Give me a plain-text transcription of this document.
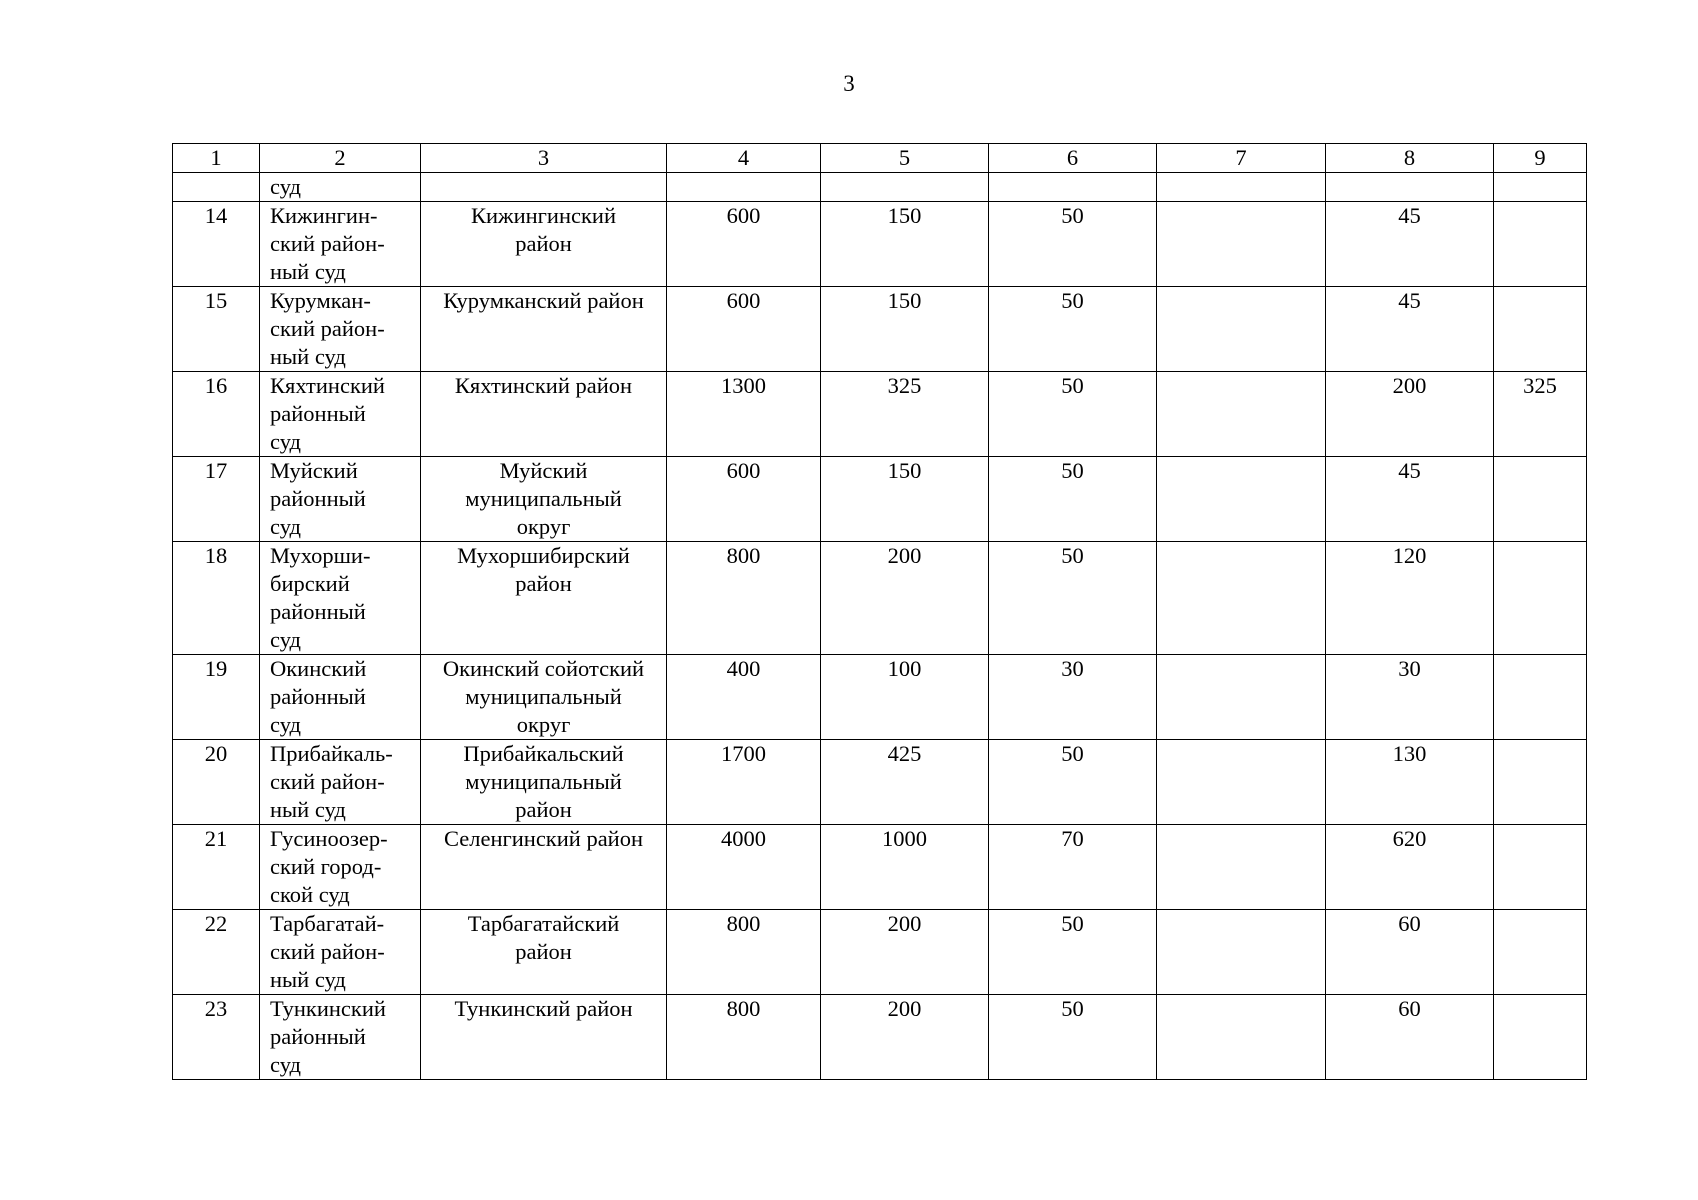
3
1	2	3	4	5	6	7	8	9
	суд							
14	Кижингин-
ский район-
ный суд	Кижингинский
район	600	150	50		45	
15	Курумкан-
ский район-
ный суд	Курумканский район	600	150	50		45	
16	Кяхтинский
районный
суд	Кяхтинский район	1300	325	50		200	325
17	Муйский
районный
суд	Муйский
муниципальный
округ	600	150	50		45	
18	Мухорши-
бирский
районный
суд	Мухоршибирский
район	800	200	50		120	
19	Окинский
районный
суд	Окинский сойотский
муниципальный
округ	400	100	30		30	
20	Прибайкаль-
ский район-
ный суд	Прибайкальский
муниципальный
район	1700	425	50		130	
21	Гусиноозер-
ский город-
ской суд	Селенгинский район	4000	1000	70		620	
22	Тарбагатай-
ский район-
ный суд	Тарбагатайский
район	800	200	50		60	
23	Тункинский
районный
суд	Тункинский район	800	200	50		60	
